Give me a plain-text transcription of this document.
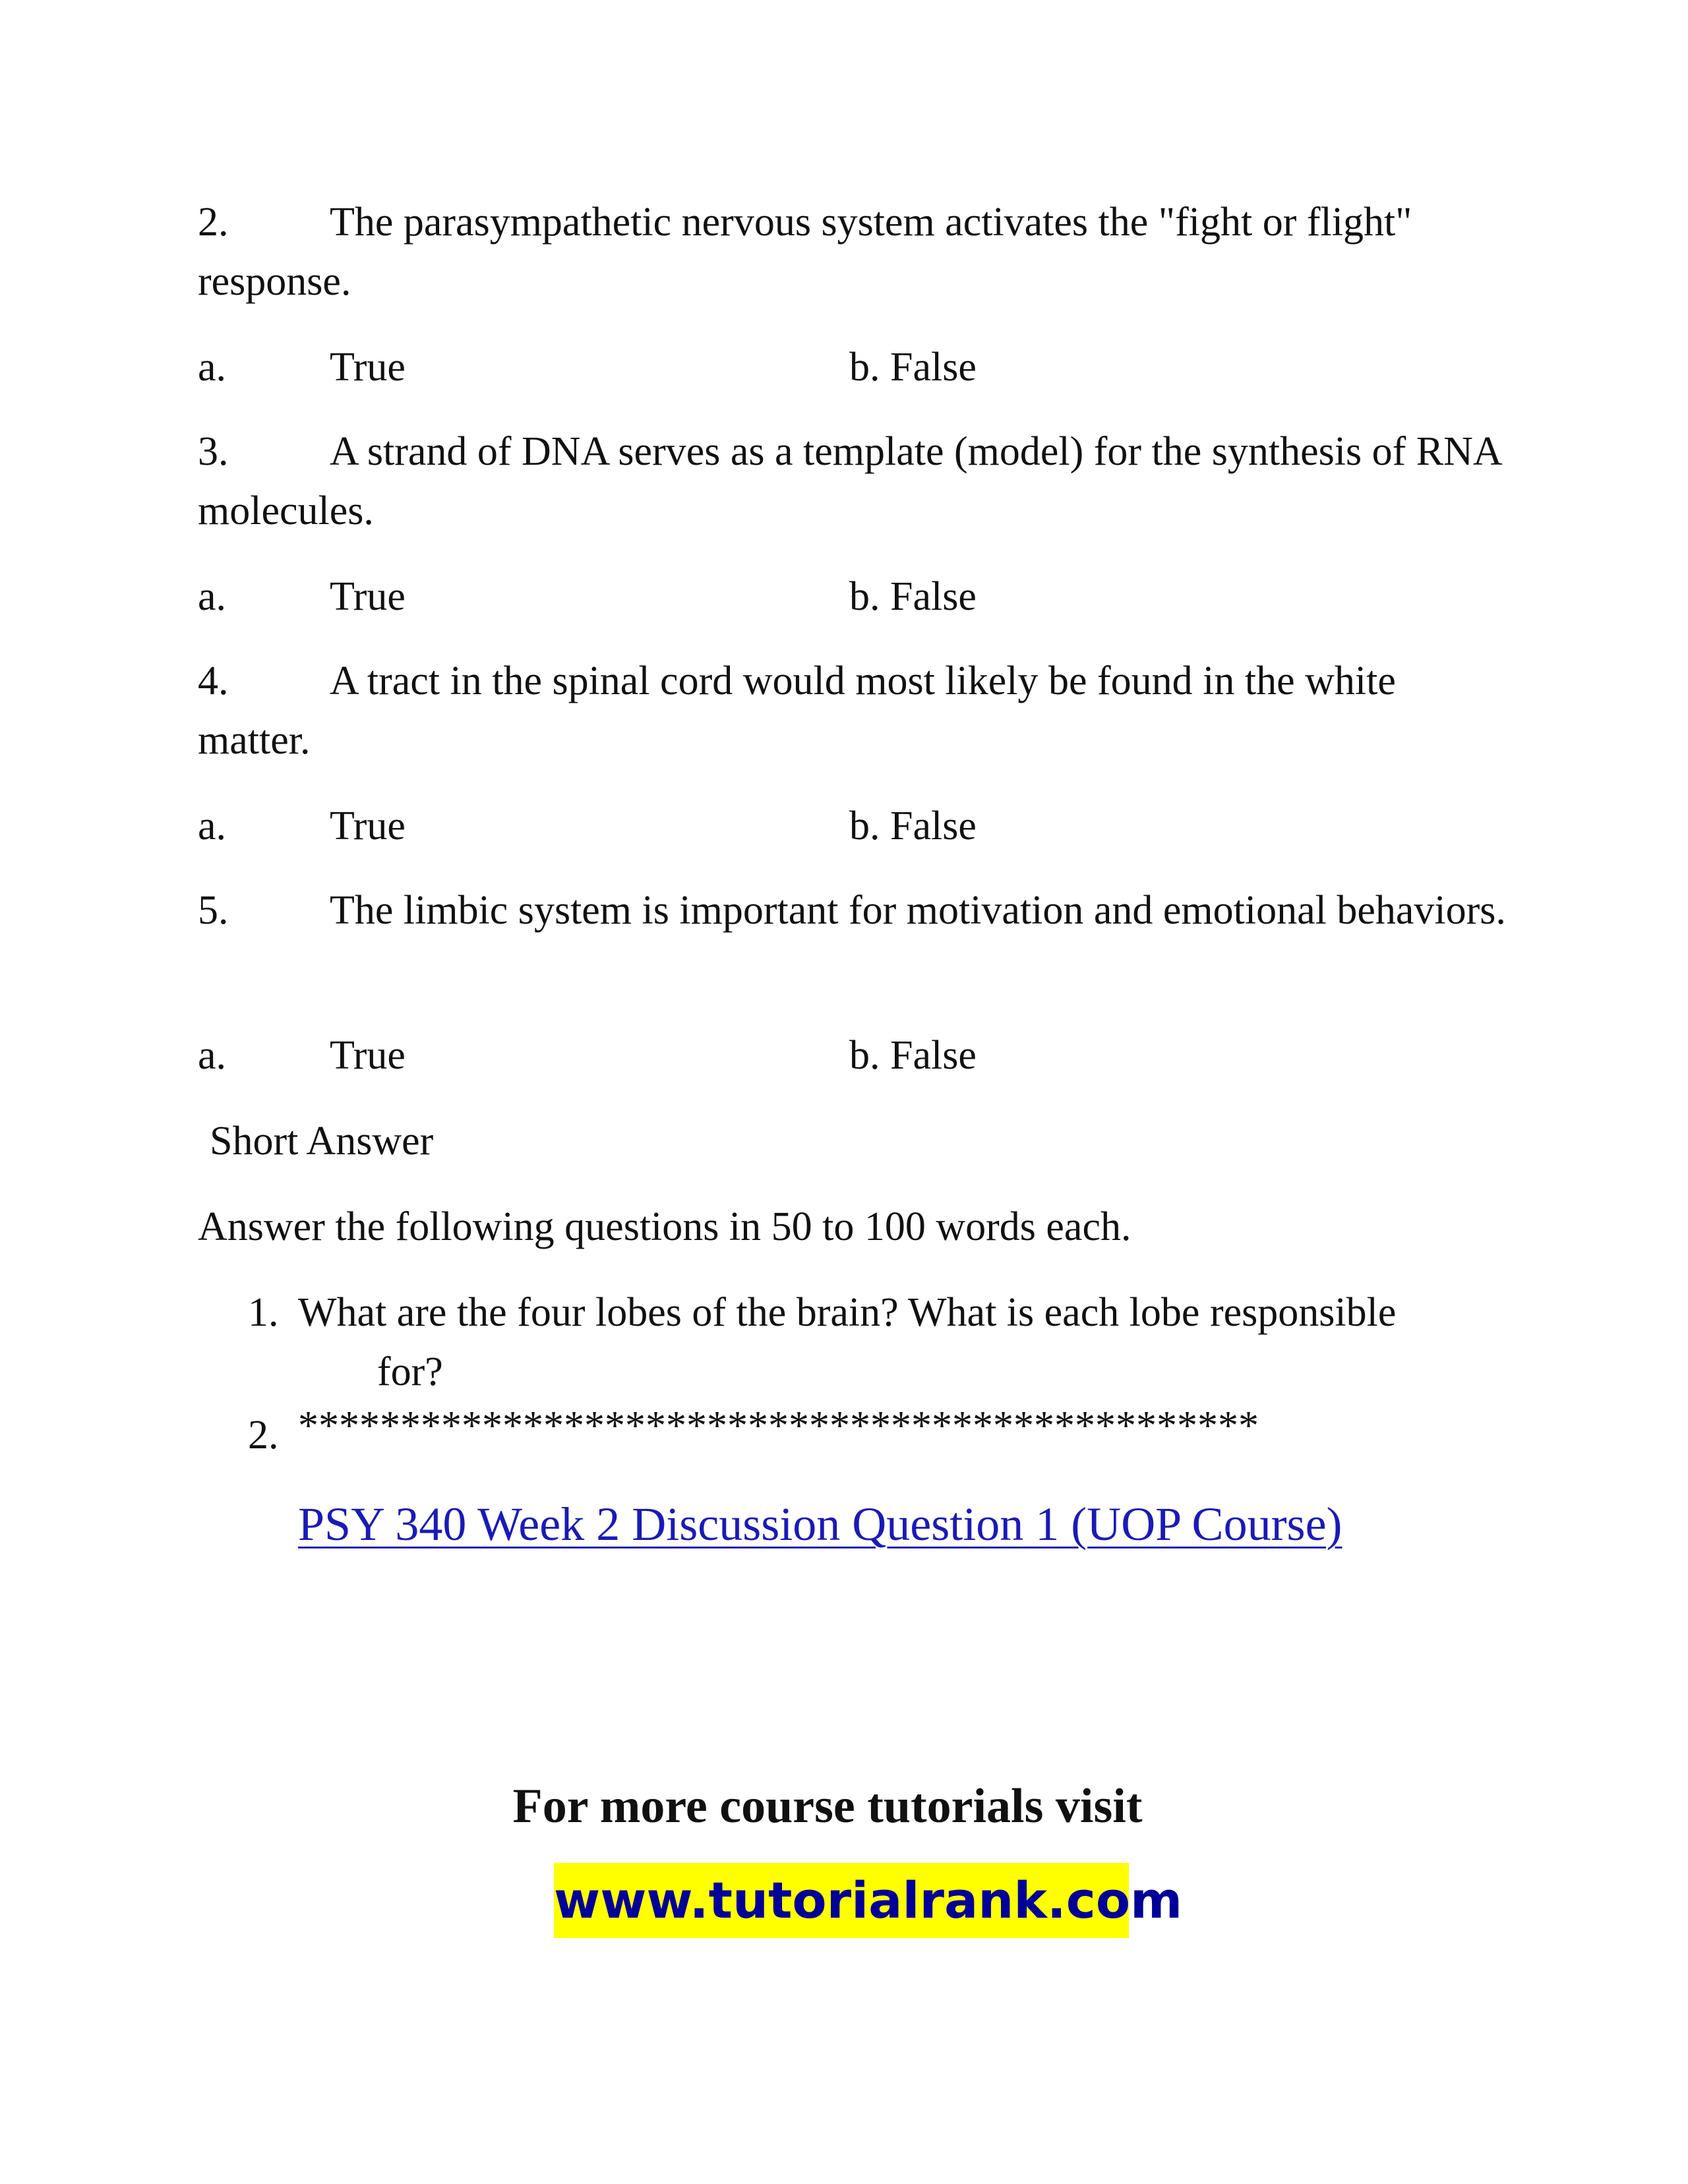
2. The parasympathetic nervous system activates the "fight or flight" response.

a.	True	b. False

3. A strand of DNA serves as a template (model) for the synthesis of RNA molecules.

a.	True	b. False

4. A tract in the spinal cord would most likely be found in the white matter.

a.	True	b. False

5. The limbic system is important for motivation and emotional behaviors.

a.	True	b. False
Short Answer
Answer the following questions in 50 to 100 words each.
1. What are the four lobes of the brain? What is each lobe responsible
for?
2. ***********************************************
PSY 340 Week 2 Discussion Question 1 (UOP Course)
For more course tutorials visit
www.tutorialrank.com
